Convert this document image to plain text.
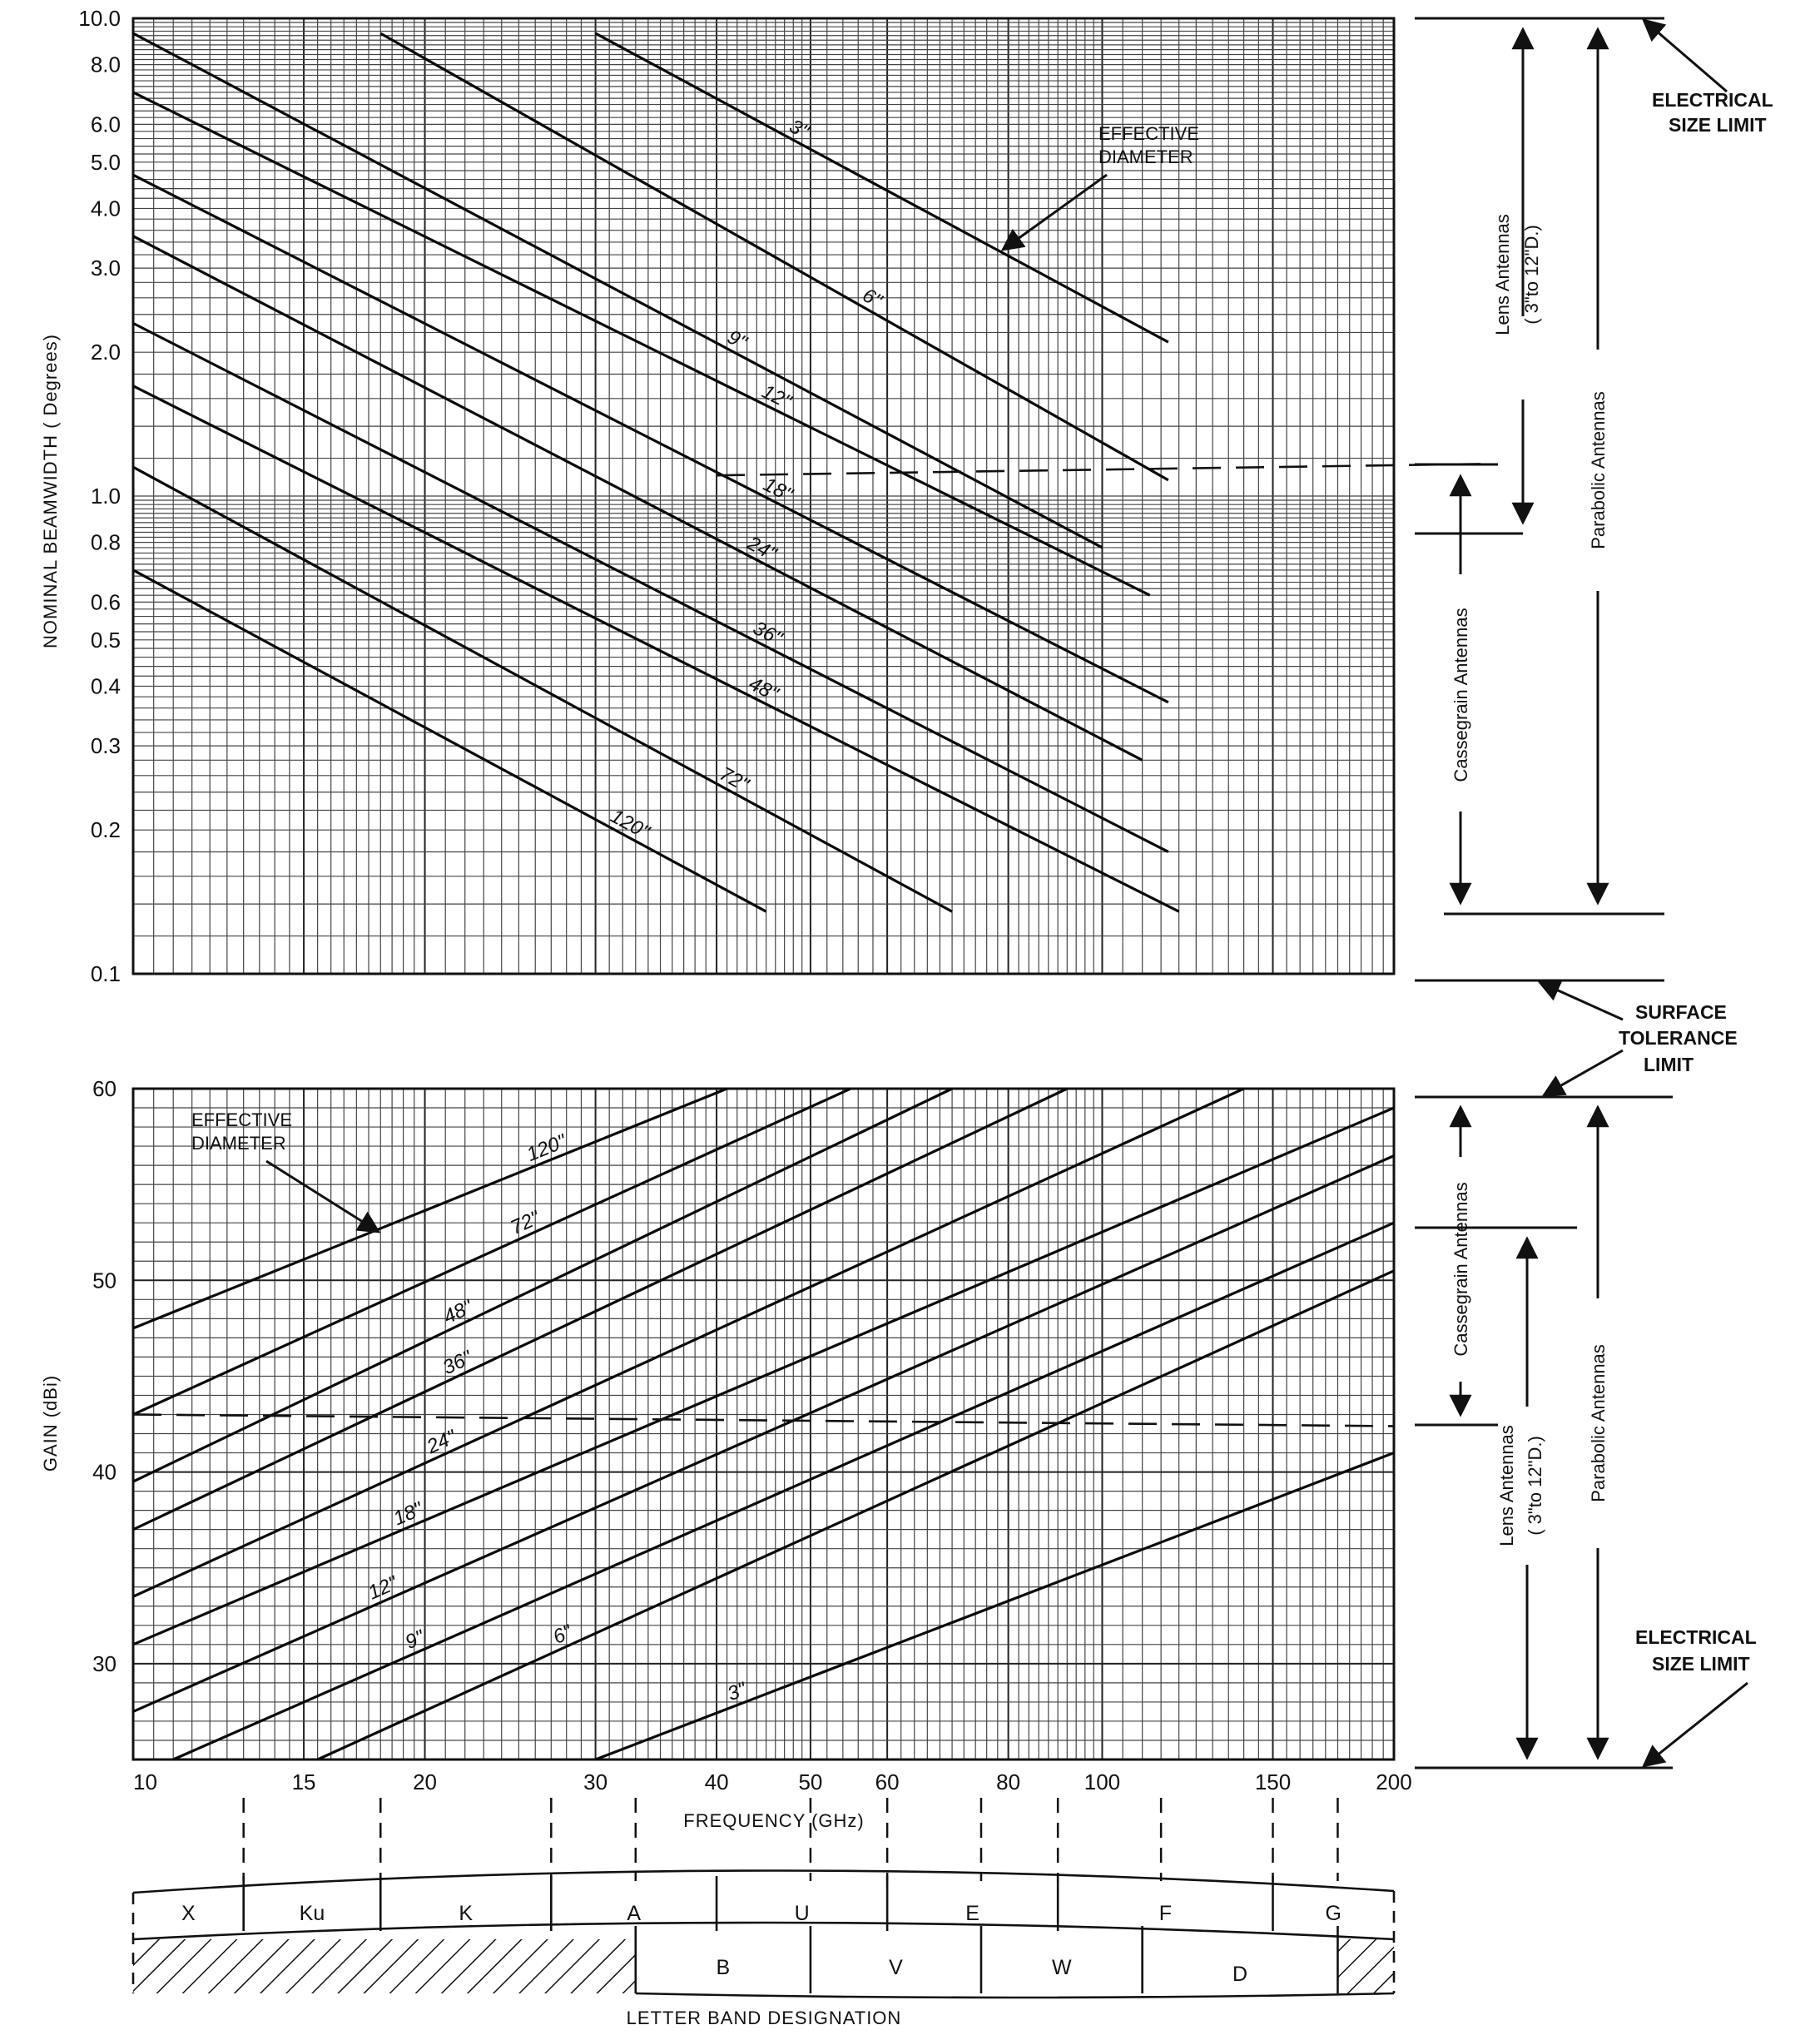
10.0
8.0
6.0
5.0
4.0
3.0
2.0
1.0
0.8
0.6
0.5
0.4
0.3
0.2
0.1
3"
6"
9"
12"
18"
24"
36"
48"
72"
120"
NOMINAL BEAMWIDTH ( Degrees)
EFFECTIVE
DIAMETER
30
40
50
60
10	15	20	30	40	50 60	80	100	150	200
120"
72"
48"
36"
24"
18"
12"
9"	6"
3"
GAIN (dBi)
EFFECTIVE
DIAMETER
FREQUENCY (GHz)
Lens Antennas ( 3"to 12"D.)
Parabolic Antennas
Cassegrain Antennas
Cassegrain Antennas
Lens Antennas ( 3"to 12"D.) Parabolic Antennas
ELECTRICAL
SIZE LIMIT
SURFACE
TOLERANCE
LIMIT
ELECTRICAL
SIZE LIMIT
X	Ku	K	A	U	E	F	G
B	V	W	D
LETTER BAND DESIGNATION
